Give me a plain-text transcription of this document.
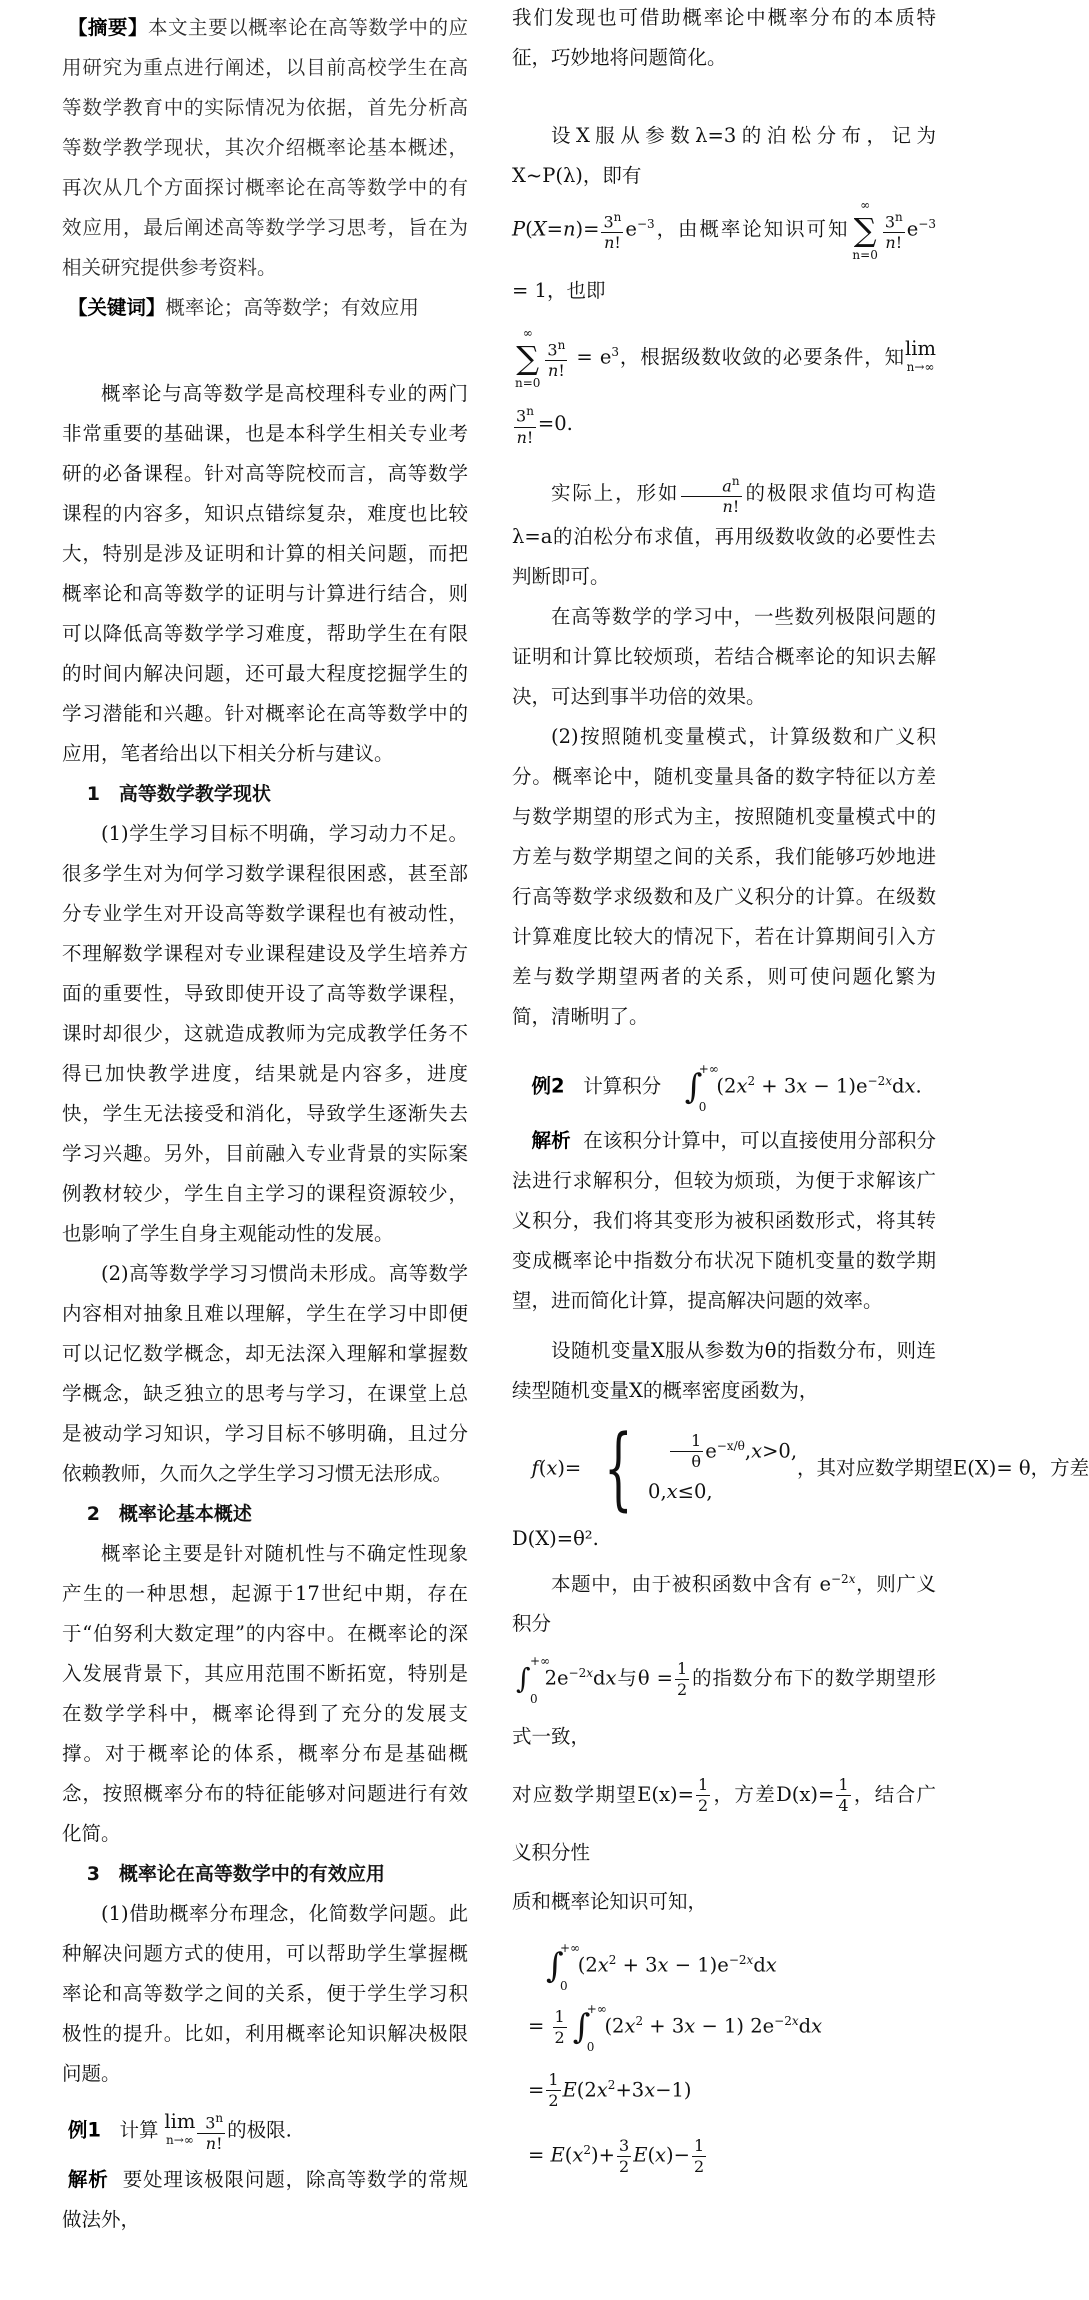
【摘要】本文主要以概率论在高等数学中的应用研究为重点进行阐述，以目前高校学生在高等数学教育中的实际情况为依据，首先分析高等数学教学现状，其次介绍概率论基本概述，再次从几个方面探讨概率论在高等数学中的有效应用，最后阐述高等数学学习思考，旨在为相关研究提供参考资料。

【关键词】概率论；高等数学；有效应用

概率论与高等数学是高校理科专业的两门非常重要的基础课，也是本科学生相关专业考研的必备课程。针对高等院校而言，高等数学课程的内容多，知识点错综复杂，难度也比较大，特别是涉及证明和计算的相关问题，而把概率论和高等数学的证明与计算进行结合，则可以降低高等数学学习难度，帮助学生在有限的时间内解决问题，还可最大程度挖掘学生的学习潜能和兴趣。针对概率论在高等数学中的应用，笔者给出以下相关分析与建议。

1　高等数学教学现状

(1)学生学习目标不明确，学习动力不足。很多学生对为何学习数学课程很困惑，甚至部分专业学生对开设高等数学课程也有被动性，不理解数学课程对专业课程建设及学生培养方面的重要性，导致即使开设了高等数学课程，课时却很少，这就造成教师为完成教学任务不得已加快教学进度，结果就是内容多，进度快，学生无法接受和消化，导致学生逐渐失去学习兴趣。另外，目前融入专业背景的实际案例教材较少，学生自主学习的课程资源较少，也影响了学生自身主观能动性的发展。

(2)高等数学学习习惯尚未形成。高等数学内容相对抽象且难以理解，学生在学习中即便可以记忆数学概念，却无法深入理解和掌握数学概念，缺乏独立的思考与学习，在课堂上总是被动学习知识，学习目标不够明确，且过分依赖教师，久而久之学生学习习惯无法形成。

2　概率论基本概述

概率论主要是针对随机性与不确定性现象产生的一种思想，起源于17世纪中期，存在于“伯努利大数定理”的内容中。在概率论的深入发展背景下，其应用范围不断拓宽，特别是在数学学科中，概率论得到了充分的发展支撑。对于概率论的体系，概率分布是基础概念，按照概率分布的特征能够对问题进行有效化简。

3　概率论在高等数学中的有效应用

(1)借助概率分布理念，化简数学问题。此种解决问题方式的使用，可以帮助学生掌握概率论和高等数学之间的关系，便于学生学习积极性的提升。比如，利用概率论知识解决极限问题。

例1 计算 lim
$n\to\infty \frac{3^n}{n!}$ 的极限.

解析 要处理该极限问题，除高等数学的常规做法外，

我们发现也可借助概率论中概率分布的本质特征，巧妙地将问题简化。

设X服从参数λ=3的泊松分布，记为X~P(λ)，即有

$P(X=n)= \frac{3^n}{n!} e^{-3}$，由概率论知识可知
∞
∑
n=0
$\frac{3^n}{n!} e^{-3} = 1$，也即

∞
∑
n=0
$\frac{3^n}{n!} = e^3$，根据级数收敛的必要条件，知lim
n→∞
$\frac{3^n}{n!} =0$.

实际上，形如 $\frac{a^n}{n!}$ 的极限求值均可构造λ=a的泊松分布求值，再用级数收敛的必要性去判断即可。

在高等数学的学习中，一些数列极限问题的证明和计算比较烦琐，若结合概率论的知识去解决，可达到事半功倍的效果。

(2)按照随机变量模式，计算级数和广义积分。概率论中，随机变量具备的数字特征以方差与数学期望的形式为主，按照随机变量模式中的方差与数学期望之间的关系，我们能够巧妙地进行高等数学求级数和及广义积分的计算。在级数计算难度比较大的情况下，若在计算期间引入方差与数学期望两者的关系，则可使问题化繁为简，清晰明了。

例2 计算积分 ∫
+∞
0
$(2x^2 + 3x - 1)e^{-2x}dx$.

解析 在该积分计算中，可以直接使用分部积分法进行求解积分，但较为烦琐，为便于求解该广义积分，我们将其变形为被积函数形式，将其转变成概率论中指数分布状况下随机变量的数学期望，进而简化计算，提高解决问题的效率。

设随机变量X服从参数为θ的指数分布，则连续型随机变量X的概率密度函数为，

f(x)= { $\frac{1}{\theta} e^{-x/\theta},x>0$,
0,x≤0,，其对应数学期望E(X)= θ，方差

D(X)=θ².

本题中，由于被积函数中含有 $e^{-2x}$，则广义积分

∫
+∞
0
$2e^{-2x}dx$与$\theta = \frac{1}{2}$ 的指数分布下的数学期望形式一致，

对应数学期望$E(x)= \frac{1}{2}$ ，方差$D(x)= \frac{1}{4}$ ，结合广义积分性

质和概率论知识可知，

∫
+∞
0
$(2x^2 + 3x - 1)e^{-2x}dx$

= $\frac{1}{2}$ ∫
+∞
0
$(2x^2 + 3x - 1)$ $2e^{-2x}dx$

= $\frac{1}{2} E(2x^2+3x-1)$

= $E(x^2)+ \frac{3}{2} E(x)- \frac{1}{2}$
